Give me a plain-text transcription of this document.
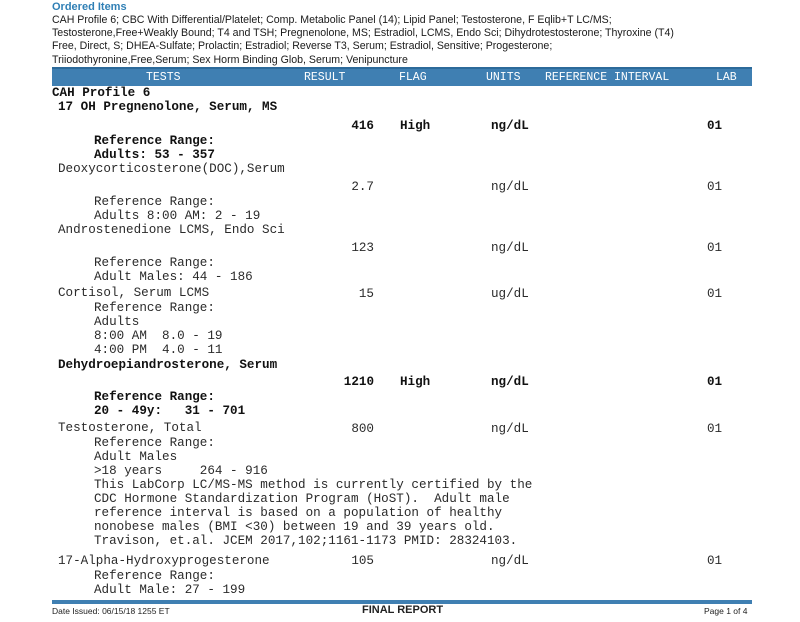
Ordered Items
CAH Profile 6; CBC With Differential/Platelet; Comp. Metabolic Panel (14); Lipid Panel; Testosterone, F Eqlib+T LC/MS;
Testosterone,Free+Weakly Bound; T4 and TSH; Pregnenolone, MS; Estradiol, LCMS, Endo Sci; Dihydrotestosterone; Thyroxine (T4)
Free, Direct, S; DHEA-Sulfate; Prolactin; Estradiol; Reverse T3, Serum; Estradiol, Sensitive; Progesterone;
Triiodothyronine,Free,Serum; Sex Horm Binding Glob, Serum; Venipuncture
TESTS	RESULT	FLAG	UNITS REFERENCE INTERVAL	LAB
CAH Profile 6
17 OH Pregnenolone, Serum, MS
416 High	ng/dL	01
Reference Range:
Adults: 53 - 357
Deoxycorticosterone(DOC),Serum
2.7	ng/dL	01
Reference Range:
Adults 8:00 AM: 2 - 19
Androstenedione LCMS, Endo Sci
123	ng/dL	01
Reference Range:
Adult Males: 44 - 186
Cortisol, Serum LCMS	15	ug/dL	01
Reference Range:
Adults
8:00 AM  8.0 - 19
4:00 PM  4.0 - 11
Dehydroepiandrosterone, Serum
1210 High	ng/dL	01
Reference Range:
20 - 49y:   31 - 701
Testosterone, Total	800	ng/dL	01
Reference Range:
Adult Males
>18 years     264 - 916
This LabCorp LC/MS-MS method is currently certified by the
CDC Hormone Standardization Program (HoST).  Adult male
reference interval is based on a population of healthy
nonobese males (BMI <30) between 19 and 39 years old.
Travison, et.al. JCEM 2017,102;1161-1173 PMID: 28324103.
17-Alpha-Hydroxyprogesterone	105	ng/dL	01
Reference Range:
Adult Male: 27 - 199
Date Issued: 06/15/18 1255 ET	FINAL REPORT	Page 1 of 4
